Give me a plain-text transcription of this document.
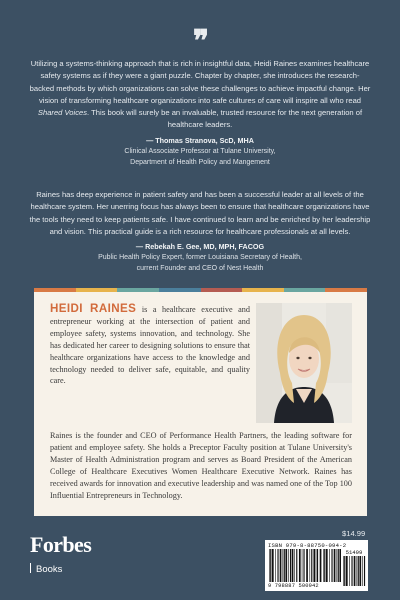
❞

Utilizing a systems-thinking approach that is rich in insightful data, Heidi Raines examines healthcare safety systems as if they were a giant puzzle. Chapter by chapter, she introduces the research-backed methods by which organizations can solve these challenges to achieve impactful change. Her vision of transforming healthcare organizations into safe cultures of care will inspire all who read Shared Voices. This book will surely be an invaluable, trusted resource for the next generation of healthcare leaders.

— Thomas Stranova, ScD, MHA
Clinical Associate Professor at Tulane University,
Department of Health Policy and Mangement

Raines has deep experience in patient safety and has been a successful leader at all levels of the healthcare system. Her unerring focus has always been to ensure that healthcare organizations have the tools they need to keep patients safe. I have continued to learn and be enriched by her leadership and vision. This practical guide is a rich resource for healthcare professionals at all levels.

— Rebekah E. Gee, MD, MPH, FACOG
Public Health Policy Expert, former Louisiana Secretary of Health,
current Founder and CEO of Nest Health
HEIDI RAINES is a healthcare executive and entrepreneur working at the intersection of patient and employee safety, systems innovation, and technology. She has dedicated her career to designing solutions to ensure that healthcare organizations have access to the knowledge and technology needed to deliver safe, equitable, and quality care.
Raines is the founder and CEO of Performance Health Partners, the leading software for patient and employee safety. She holds a Preceptor Faculty position at Tulane University's Master of Health Administration program and serves as Board President of the American College of Healthcare Executives Women Healthcare Executive Network. Raines has received awards for innovation and executive leadership and was named one of the Top 100 Influential Entrepreneurs in Technology.
$14.99
ISBN 979-8-88750-094-2
51499
9 798887 500942
Forbes
Books
